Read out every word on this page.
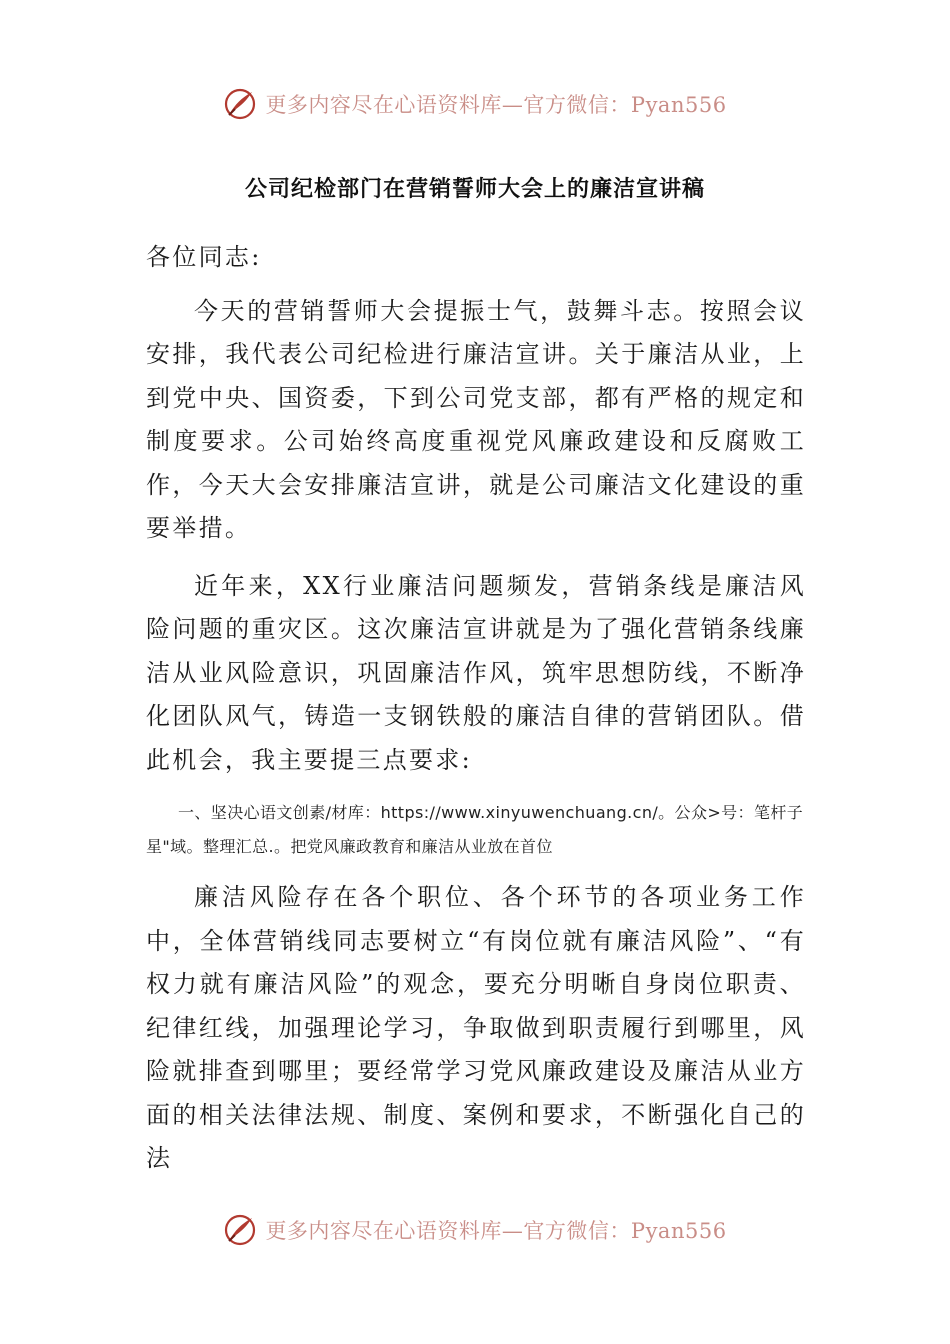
更多内容尽在心语资料库—官方微信：Pyan556
公司纪检部门在营销誓师大会上的廉洁宣讲稿

各位同志:

今天的营销誓师大会提振士气，鼓舞斗志。按照会议安排，我代表公司纪检进行廉洁宣讲。关于廉洁从业，上到党中央、国资委，下到公司党支部，都有严格的规定和制度要求。公司始终高度重视党风廉政建设和反腐败工作，今天大会安排廉洁宣讲，就是公司廉洁文化建设的重要举措。

近年来，XX行业廉洁问题频发，营销条线是廉洁风险问题的重灾区。这次廉洁宣讲就是为了强化营销条线廉洁从业风险意识，巩固廉洁作风，筑牢思想防线，不断净化团队风气，铸造一支钢铁般的廉洁自律的营销团队。借此机会，我主要提三点要求:

一、坚决心语文创素/材库：https://www.xinyuwenchuang.cn/。公众>号：笔杆子星"域。整理汇总.。把党风廉政教育和廉洁从业放在首位

廉洁风险存在各个职位、各个环节的各项业务工作中，全体营销线同志要树立“有岗位就有廉洁风险”、“有权力就有廉洁风险”的观念，要充分明晰自身岗位职责、纪律红线，加强理论学习，争取做到职责履行到哪里，风险就排查到哪里；要经常学习党风廉政建设及廉洁从业方面的相关法律法规、制度、案例和要求，不断强化自己的法

更多内容尽在心语资料库—官方微信：Pyan556
